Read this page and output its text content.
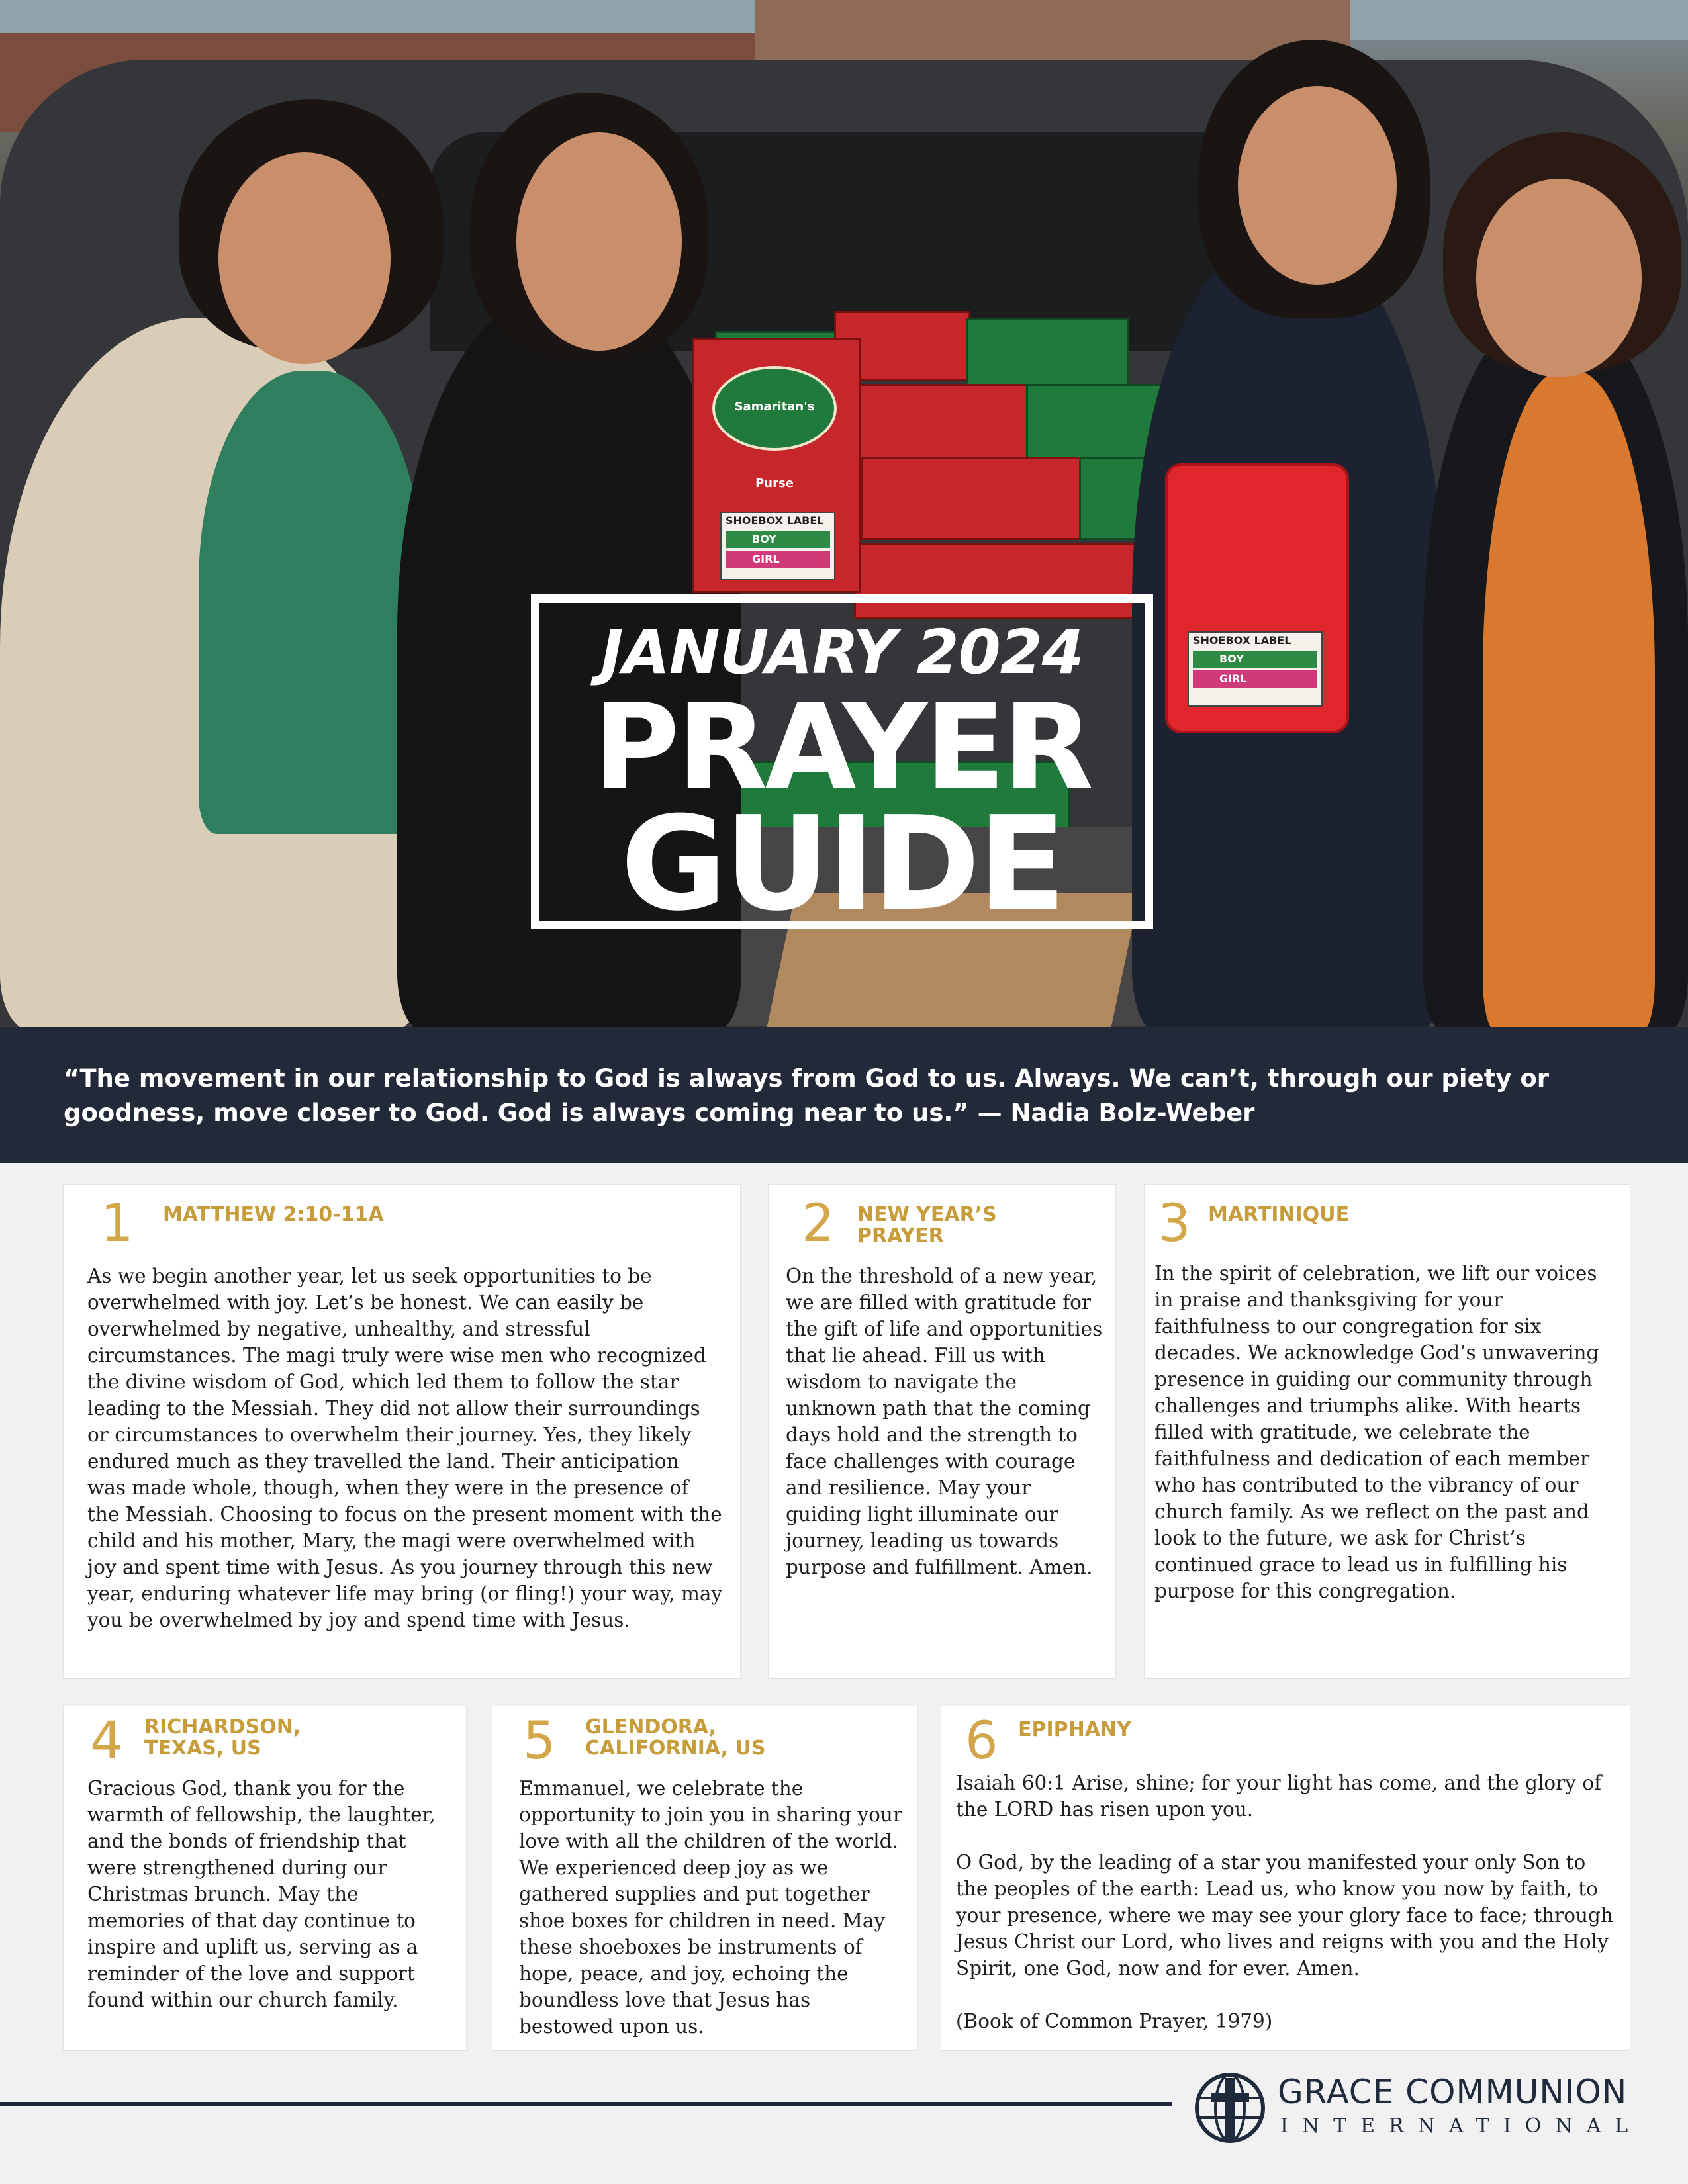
Samaritan's Purse
SHOEBOX LABEL
BOY
GIRL
SHOEBOX LABEL
BOY
GIRL
JANUARY 2024
PRAYER
GUIDE

“The movement in our relationship to God is always from God to us. Always. We can’t, through our piety or goodness, move closer to God. God is always coming near to us.” — Nadia Bolz-Weber

1 MATTHEW 2:10-11A

As we begin another year, let us seek opportunities to be overwhelmed with joy. Let’s be honest. We can easily be overwhelmed by negative, unhealthy, and stressful circumstances. The magi truly were wise men who recognized the divine wisdom of God, which led them to follow the star leading to the Messiah. They did not allow their surroundings or circumstances to overwhelm their journey. Yes, they likely endured much as they travelled the land. Their anticipation was made whole, though, when they were in the presence of the Messiah. Choosing to focus on the present moment with the child and his mother, Mary, the magi were overwhelmed with joy and spent time with Jesus. As you journey through this new year, enduring whatever life may bring (or fling!) your way, may you be overwhelmed by joy and spend time with Jesus.

2 NEW YEAR’S PRAYER

On the threshold of a new year, we are filled with gratitude for the gift of life and opportunities that lie ahead. Fill us with wisdom to navigate the unknown path that the coming days hold and the strength to face challenges with courage and resilience. May your guiding light illuminate our journey, leading us towards purpose and fulfillment. Amen.

3 MARTINIQUE

In the spirit of celebration, we lift our voices in praise and thanksgiving for your faithfulness to our congregation for six decades. We acknowledge God’s unwavering presence in guiding our community through challenges and triumphs alike. With hearts filled with gratitude, we celebrate the faithfulness and dedication of each member who has contributed to the vibrancy of our church family. As we reflect on the past and look to the future, we ask for Christ’s continued grace to lead us in fulfilling his purpose for this congregation.

4 RICHARDSON, TEXAS, US

Gracious God, thank you for the warmth of fellowship, the laughter, and the bonds of friendship that were strengthened during our Christmas brunch. May the memories of that day continue to inspire and uplift us, serving as a reminder of the love and support found within our church family.

5 GLENDORA, CALIFORNIA, US

Emmanuel, we celebrate the opportunity to join you in sharing your love with all the children of the world. We experienced deep joy as we gathered supplies and put together shoe boxes for children in need. May these shoeboxes be instruments of hope, peace, and joy, echoing the boundless love that Jesus has bestowed upon us.

6 EPIPHANY

Isaiah 60:1 Arise, shine; for your light has come, and the glory of the LORD has risen upon you.

O God, by the leading of a star you manifested your only Son to the peoples of the earth: Lead us, who know you now by faith, to your presence, where we may see your glory face to face; through Jesus Christ our Lord, who lives and reigns with you and the Holy Spirit, one God, now and for ever. Amen.

(Book of Common Prayer, 1979)

GRACE COMMUNION
INTERNATIONAL
